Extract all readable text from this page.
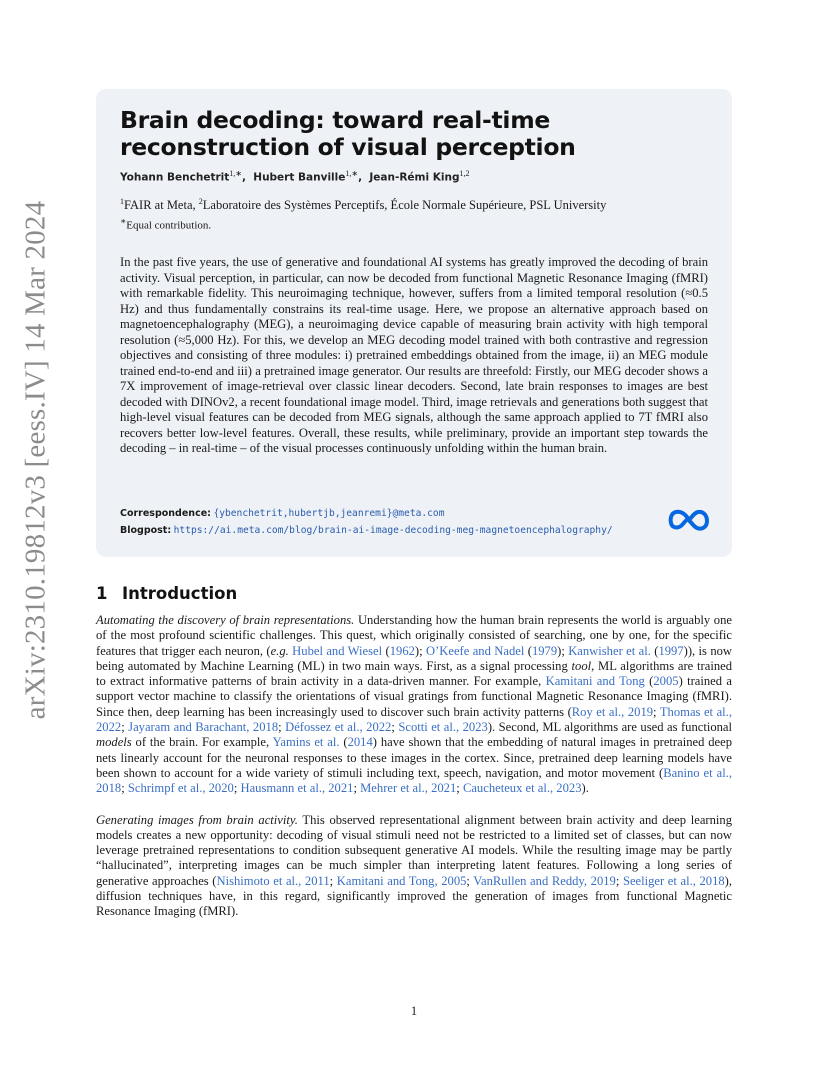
arXiv:2310.19812v3 [eess.IV] 14 Mar 2024
Brain decoding: toward real-time reconstruction of visual perception
Yohann Benchetrit$^{1,∗}$,  Hubert Banville$^{1,∗}$,  Jean-Rémi King$^{1,2}$
$^1$FAIR at Meta, $^2$Laboratoire des Systèmes Perceptifs, École Normale Supérieure, PSL University
∗Equal contribution.

In the past five years, the use of generative and foundational AI systems has greatly improved the decoding of brain activity. Visual perception, in particular, can now be decoded from functional Magnetic Resonance Imaging (fMRI) with remarkable fidelity. This neuroimaging technique, however, suffers from a limited temporal resolution (≈0.5 Hz) and thus fundamentally constrains its real-time usage. Here, we propose an alternative approach based on magnetoencephalography (MEG), a neuroimaging device capable of measuring brain activity with high temporal resolution (≈5,000 Hz). For this, we develop an MEG decoding model trained with both contrastive and regression objectives and consisting of three modules: i) pretrained embeddings obtained from the image, ii) an MEG module trained end-to-end and iii) a pretrained image generator. Our results are threefold: Firstly, our MEG decoder shows a 7X improvement of image-retrieval over classic linear decoders. Second, late brain responses to images are best decoded with DINOv2, a recent foundational image model. Third, image retrievals and generations both suggest that high-level visual features can be decoded from MEG signals, although the same approach applied to 7T fMRI also recovers better low-level features. Overall, these results, while preliminary, provide an important step towards the decoding – in real-time – of the visual processes continuously unfolding within the human brain.

Correspondence: {ybenchetrit,hubertjb,jeanremi}@meta.com
Blogpost: https://ai.meta.com/blog/brain-ai-image-decoding-meg-magnetoencephalography/
1 Introduction

Automating the discovery of brain representations. Understanding how the human brain represents the world is arguably one of the most profound scientific challenges. This quest, which originally consisted of searching, one by one, for the specific features that trigger each neuron, (e.g. Hubel and Wiesel (1962); O’Keefe and Nadel (1979); Kanwisher et al. (1997)), is now being automated by Machine Learning (ML) in two main ways. First, as a signal processing tool, ML algorithms are trained to extract informative patterns of brain activity in a data-driven manner. For example, Kamitani and Tong (2005) trained a support vector machine to classify the orientations of visual gratings from functional Magnetic Resonance Imaging (fMRI). Since then, deep learning has been increasingly used to discover such brain activity patterns (Roy et al., 2019; Thomas et al., 2022; Jayaram and Barachant, 2018; Défossez et al., 2022; Scotti et al., 2023). Second, ML algorithms are used as functional models of the brain. For example, Yamins et al. (2014) have shown that the embedding of natural images in pretrained deep nets linearly account for the neuronal responses to these images in the cortex. Since, pretrained deep learning models have been shown to account for a wide variety of stimuli including text, speech, navigation, and motor movement (Banino et al., 2018; Schrimpf et al., 2020; Hausmann et al., 2021; Mehrer et al., 2021; Caucheteux et al., 2023).

Generating images from brain activity. This observed representational alignment between brain activity and deep learning models creates a new opportunity: decoding of visual stimuli need not be restricted to a limited set of classes, but can now leverage pretrained representations to condition subsequent generative AI models. While the resulting image may be partly “hallucinated”, interpreting images can be much simpler than interpreting latent features. Following a long series of generative approaches (Nishimoto et al., 2011; Kamitani and Tong, 2005; VanRullen and Reddy, 2019; Seeliger et al., 2018), diffusion techniques have, in this regard, significantly improved the generation of images from functional Magnetic Resonance Imaging (fMRI).

1
